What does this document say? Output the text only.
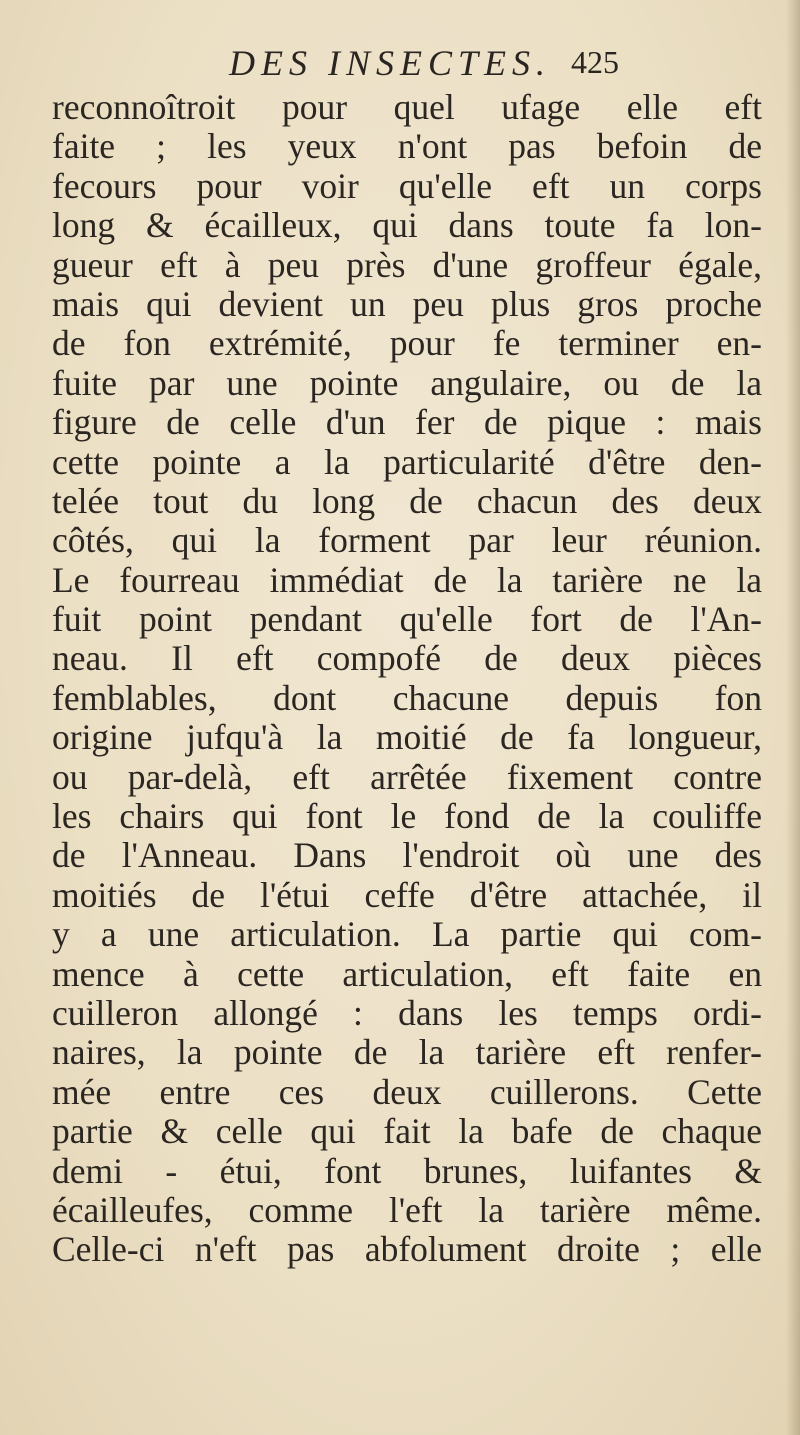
DES INSECTES. 425
reconnoîtroit pour quel ufage elle eft
faite ; les yeux n'ont pas befoin de
fecours pour voir qu'elle eft un corps
long & écailleux, qui dans toute fa lon-
gueur eft à peu près d'une groffeur égale,
mais qui devient un peu plus gros proche
de fon extrémité, pour fe terminer en-
fuite par une pointe angulaire, ou de la
figure de celle d'un fer de pique : mais
cette pointe a la particularité d'être den-
telée tout du long de chacun des deux
côtés, qui la forment par leur réunion.
Le fourreau immédiat de la tarière ne la
fuit point pendant qu'elle fort de l'An-
neau. Il eft compofé de deux pièces
femblables, dont chacune depuis fon
origine jufqu'à la moitié de fa longueur,
ou par-delà, eft arrêtée fixement contre
les chairs qui font le fond de la couliffe
de l'Anneau. Dans l'endroit où une des
moitiés de l'étui ceffe d'être attachée, il
y a une articulation. La partie qui com-
mence à cette articulation, eft faite en
cuilleron allongé : dans les temps ordi-
naires, la pointe de la tarière eft renfer-
mée entre ces deux cuillerons. Cette
partie & celle qui fait la bafe de chaque
demi - étui, font brunes, luifantes &
écailleufes, comme l'eft la tarière même.
Celle-ci n'eft pas abfolument droite ; elle
